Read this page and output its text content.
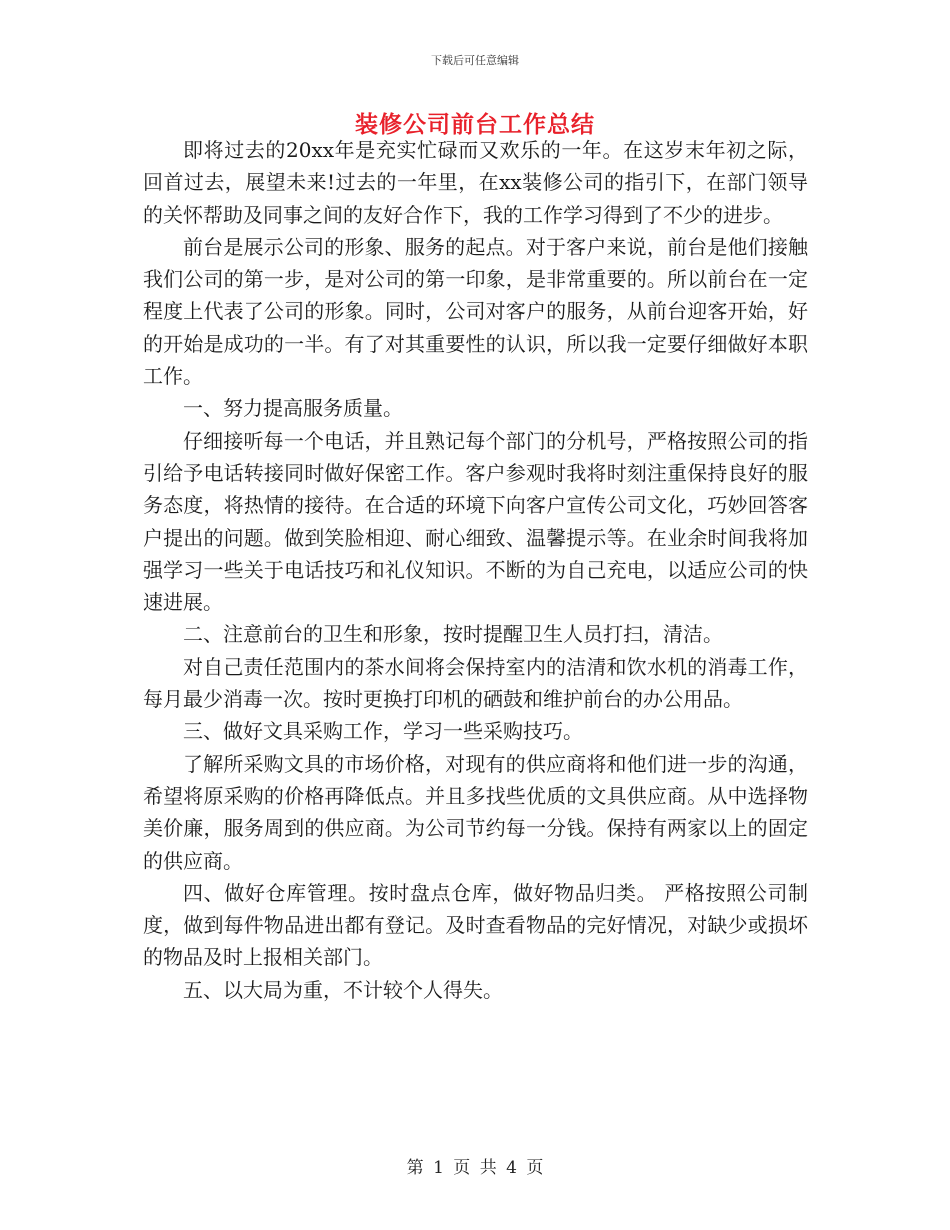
下载后可任意编辑
装修公司前台工作总结

即将过去的20xx年是充实忙碌而又欢乐的一年。在这岁末年初之际，回首过去，展望未来!过去的一年里，在xx装修公司的指引下，在部门领导的关怀帮助及同事之间的友好合作下，我的工作学习得到了不少的进步。

前台是展示公司的形象、服务的起点。对于客户来说，前台是他们接触我们公司的第一步，是对公司的第一印象，是非常重要的。所以前台在一定程度上代表了公司的形象。同时，公司对客户的服务，从前台迎客开始，好的开始是成功的一半。有了对其重要性的认识，所以我一定要仔细做好本职工作。

一、努力提高服务质量。

仔细接听每一个电话，并且熟记每个部门的分机号，严格按照公司的指引给予电话转接同时做好保密工作。客户参观时我将时刻注重保持良好的服务态度，将热情的接待。在合适的环境下向客户宣传公司文化，巧妙回答客户提出的问题。做到笑脸相迎、耐心细致、温馨提示等。在业余时间我将加强学习一些关于电话技巧和礼仪知识。不断的为自己充电，以适应公司的快速进展。

二、注意前台的卫生和形象，按时提醒卫生人员打扫，清洁。

对自己责任范围内的茶水间将会保持室内的洁清和饮水机的消毒工作，每月最少消毒一次。按时更换打印机的硒鼓和维护前台的办公用品。

三、做好文具采购工作，学习一些采购技巧。

了解所采购文具的市场价格，对现有的供应商将和他们进一步的沟通，希望将原采购的价格再降低点。并且多找些优质的文具供应商。从中选择物美价廉，服务周到的供应商。为公司节约每一分钱。保持有两家以上的固定的供应商。

四、做好仓库管理。按时盘点仓库，做好物品归类。 严格按照公司制度，做到每件物品进出都有登记。及时查看物品的完好情况，对缺少或损坏的物品及时上报相关部门。

五、以大局为重，不计较个人得失。

第 1 页 共 4 页
